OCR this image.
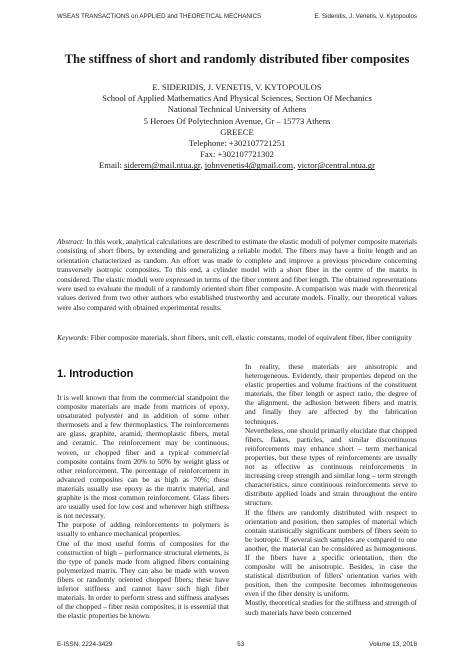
WSEAS TRANSACTIONS on APPLIED and THEORETICAL MECHANICS	E. Sideridis, J. Venetis, V. Kytopoulos
The stiffness of short and randomly distributed fiber composites
E. SIDERIDIS, J. VENETIS, V. KYTOPOULOS
School of Applied Mathematics And Physical Sciences, Section Of Mechanics
National Technical University of Athens
5 Heroes Of Polytechnion Avenue, Gr – 15773 Athens
GREECE
Telephone: +302107721251
Fax: +302107721302
Email: siderem@mail.ntua.gr, johnvenetis4@gmail.com, victor@central.ntua.gr

Abstract: In this work, analytical calculations are described to estimate the elastic moduli of polymer composite materials consisting of short fibers, by extending and generalizing a reliable model. The fibers may have a finite length and an orientation characterized as random. An effort was made to complete and improve a previous procedure concerning transversely isotropic composites. To this end, a cylinder model with a short fiber in the centre of the matrix is considered. The elastic moduli were expressed in terms of the fiber content and fiber length. The obtained representations were used to evaluate the moduli of a randomly oriented short fiber composite. A comparison was made with theoretical values derived from two other authors who established trustworthy and accurate models. Finally, our theoretical values were also compared with obtained experimental results.

Keywords: Fiber composite materials, short fibers, unit cell, elastic constants, model of equivalent fiber, fiber contiguity

1. Introduction

It is well known that from the commercial standpoint the composite materials are made from matrices of epoxy, unsaturated polyester and in addition of some other thermosets and a few thermoplastics. The reinforcements are glass, graphite, aramid, thermoplastic fibers, metal and ceramic. The reinforcement may be continuous, woven, or chopped fiber and a typical commercial composite contains from 20% to 50% by weight glass or other reinforcement. The percentage of reinforcement in advanced composites can be as high as 70%; these materials usually use epoxy as the matrix material, and graphite is the most common reinforcement. Glass fibers are usually used for low cost and wherever high stiffness is not necessary.

The purpose of adding reinforcements to polymers is usually to enhance mechanical properties.

One of the most useful forms of composites for the construction of high – performance structural elements, is the type of panels made from aligned fibers containing polymerized matrix. They can also be made with woven fibers or randomly oriented chopped fibers; these have inferior stiffness and cannot have such high fiber materials. In order to perform stress and stiffness analyses of the chopped – fiber resin composites, it is essential that the elastic properties be known.

In reality, these materials are anisotropic and heterogeneous. Evidently, their properties depend on the elastic properties and volume fractions of the constituent materials, the fiber length or aspect ratio, the degree of the alignment, the adhesion between fibers and matrix and finally they are affected by the fabrication techniques.

Nevertheless, one should primarily elucidate that chopped fibers, flakes, particles, and similar discontinuous reinforcements may enhance short – term mechanical properties, but these types of reinforcements are usually not as effective as continuous reinforcements in increasing creep strength and similar long – term strength characteristics, since continuous reinforcements serve to distribute applied loads and strain throughout the entire structure.

If the fibers are randomly distributed with respect to orientation and position, then samples of material which contain statistically significant numbers of fibers seem to be isotropic. If several such samples are compared to one another, the material can be considered as homogeneous. If the fibers have a specific orientation, then the composite will be anisotropic. Besides, in case the statistical distribution of fillers' orientation varies with position, then the composite becomes inhomogeneous even if the fiber density is uniform.

Mostly, theoretical studies for the stiffness and strength of such materials have been concerned

E-ISSN: 2224-3429	53	Volume 13, 2018
